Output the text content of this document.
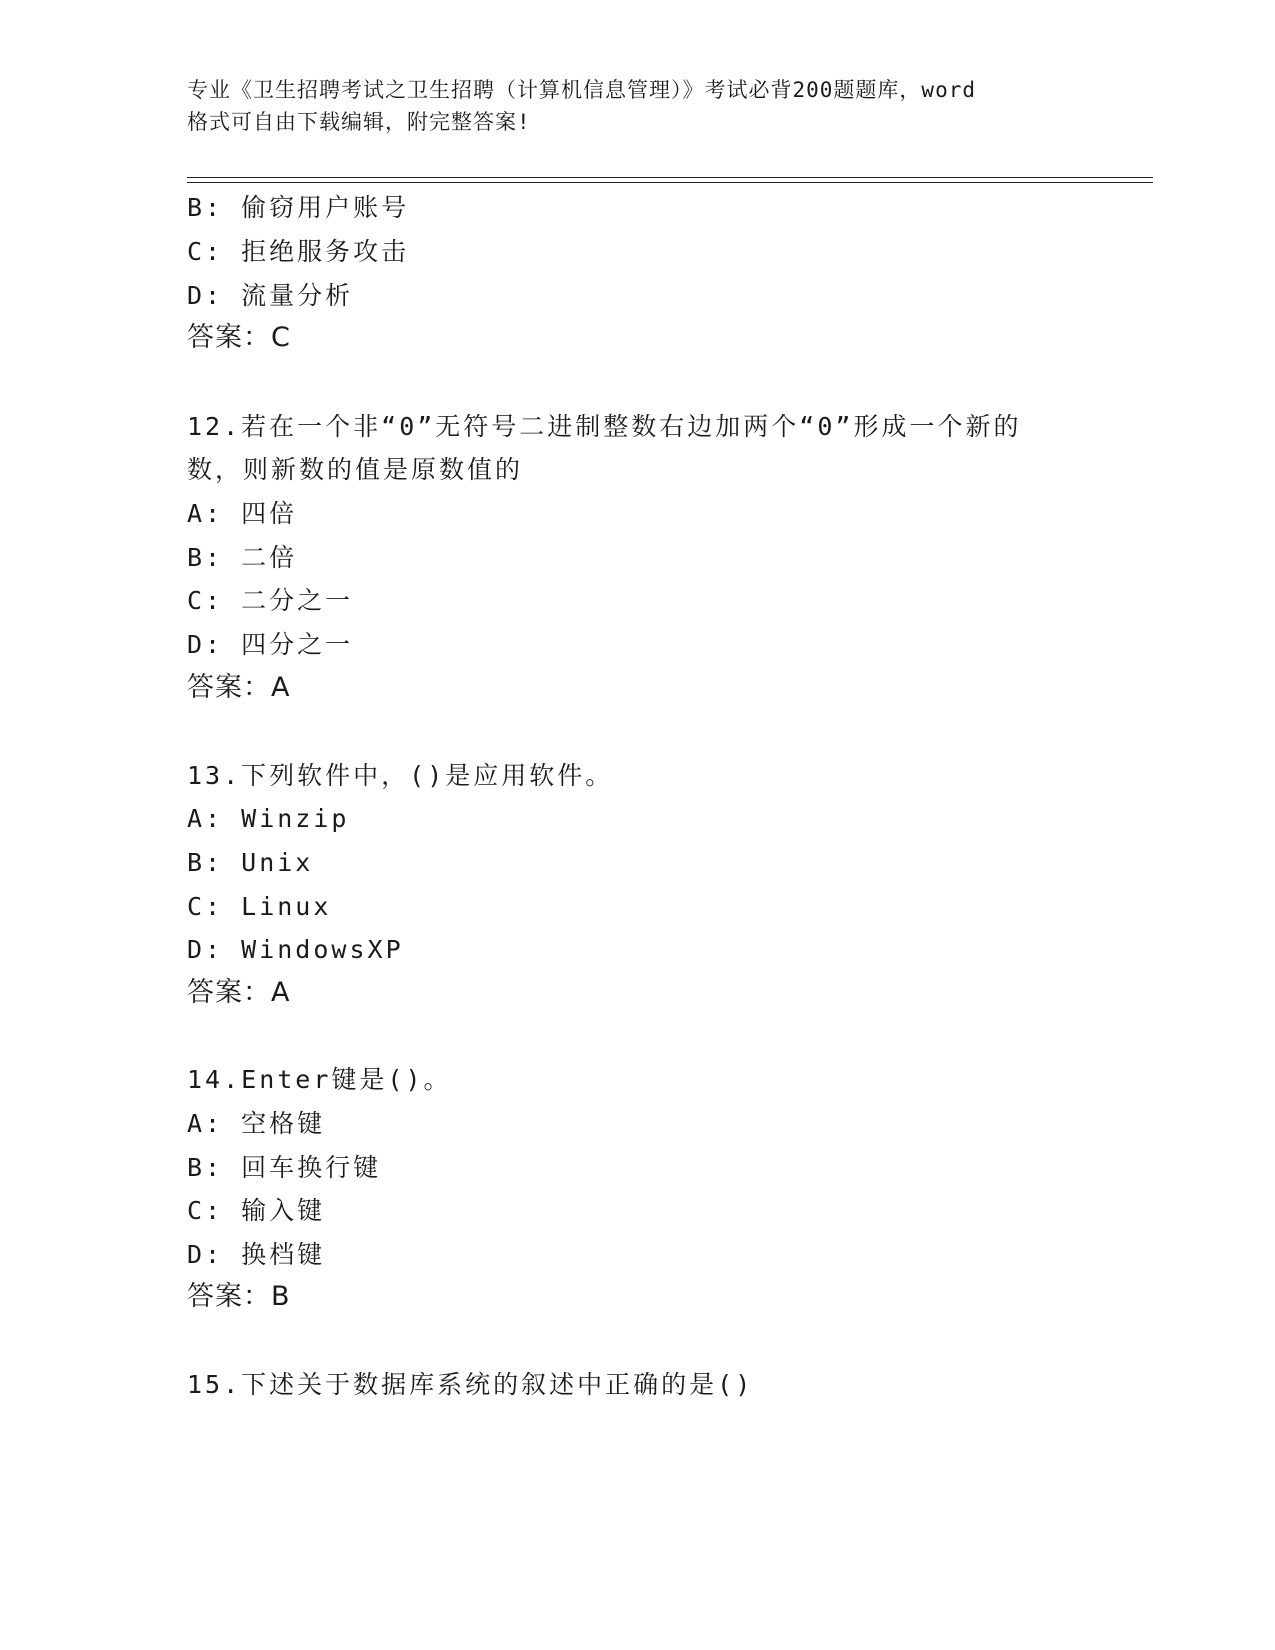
专业《卫生招聘考试之卫生招聘（计算机信息管理）》考试必背200题题库，word
格式可自由下载编辑，附完整答案!
B: 偷窃用户账号
C: 拒绝服务攻击
D: 流量分析
答案：C
12.若在一个非“0”无符号二进制整数右边加两个“0”形成一个新的
数，则新数的值是原数值的
A: 四倍
B: 二倍
C: 二分之一
D: 四分之一
答案：A
13.下列软件中，()是应用软件。
A: Winzip
B: Unix
C: Linux
D: WindowsXP
答案：A
14.Enter键是()。
A: 空格键
B: 回车换行键
C: 输入键
D: 换档键
答案：B
15.下述关于数据库系统的叙述中正确的是()
